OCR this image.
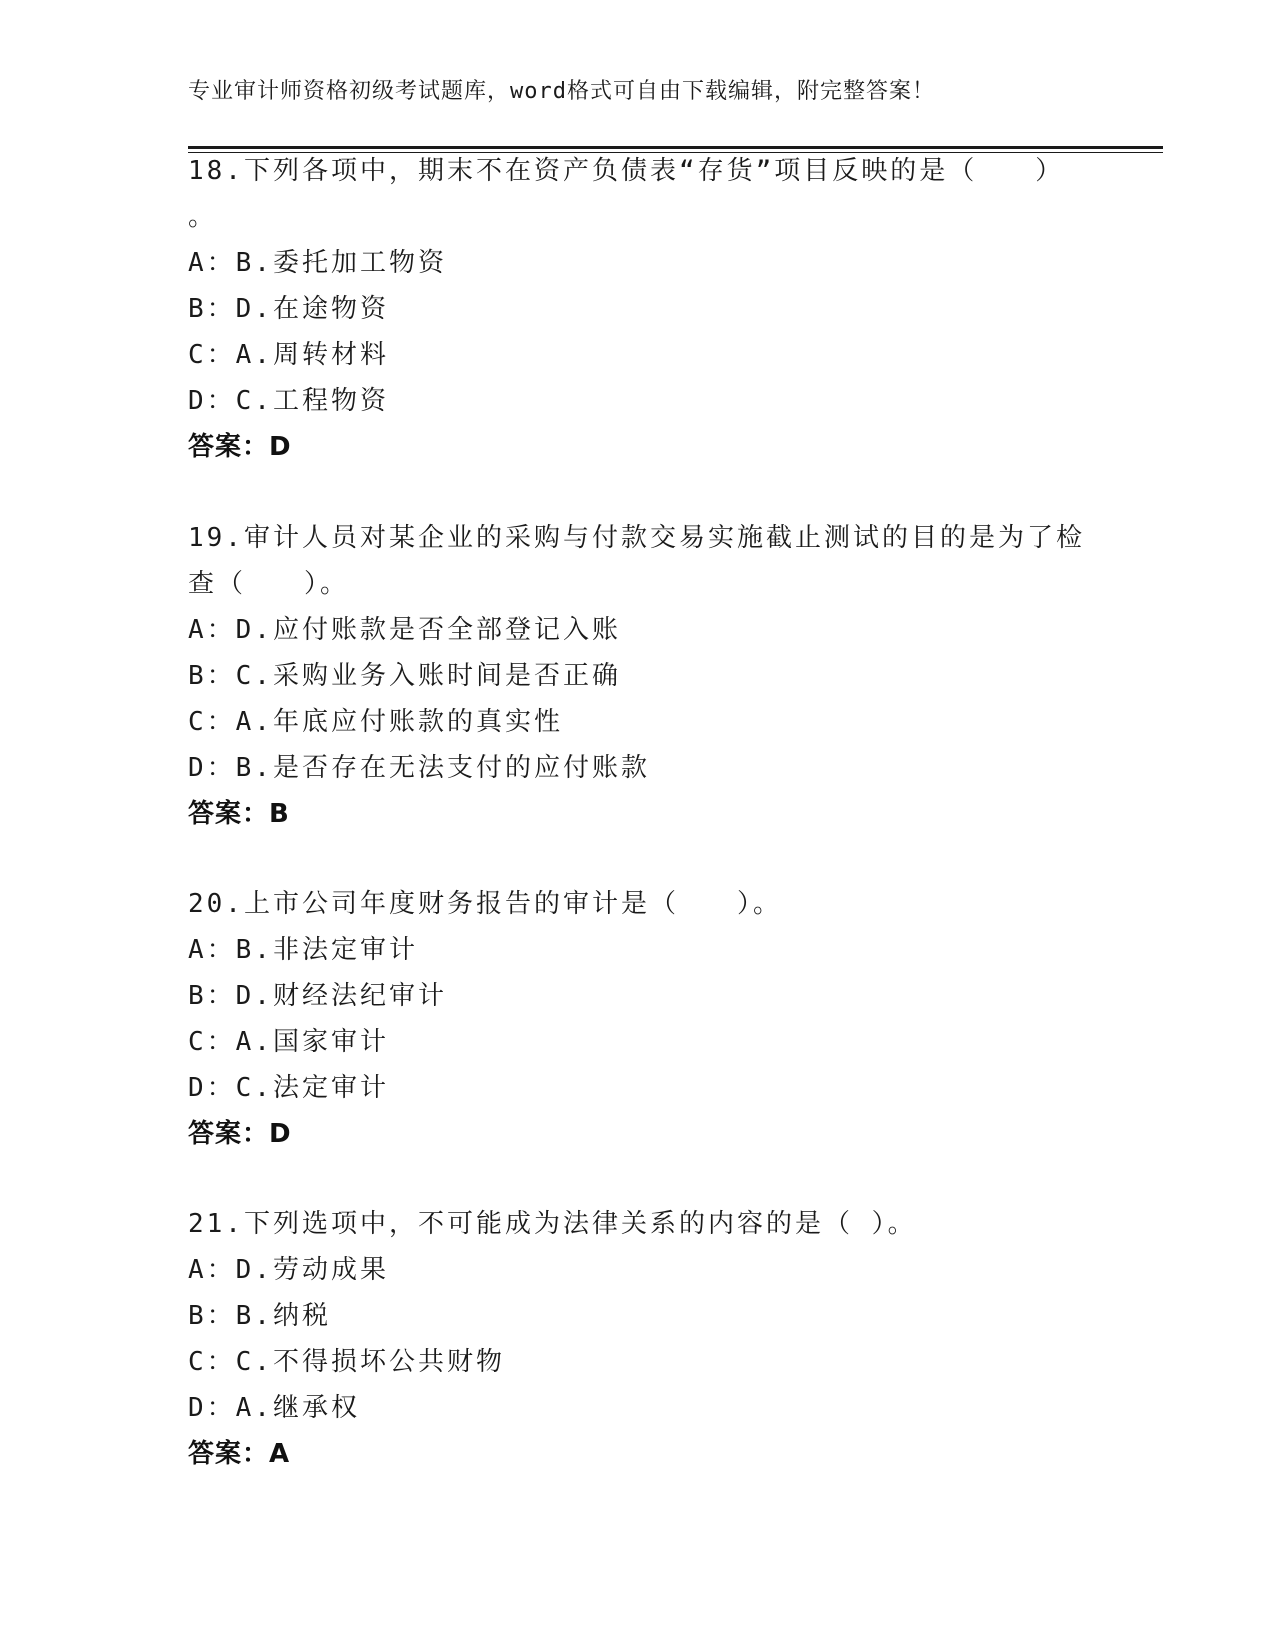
专业审计师资格初级考试题库，word格式可自由下载编辑，附完整答案！
18.下列各项中，期末不在资产负债表“存货”项目反映的是（　　）
。
A：B.委托加工物资
B：D.在途物资
C：A.周转材料
D：C.工程物资
答案：D
19.审计人员对某企业的采购与付款交易实施截止测试的目的是为了检
查（　　）。
A：D.应付账款是否全部登记入账
B：C.采购业务入账时间是否正确
C：A.年底应付账款的真实性
D：B.是否存在无法支付的应付账款
答案：B
20.上市公司年度财务报告的审计是（　　）。
A：B.非法定审计
B：D.财经法纪审计
C：A.国家审计
D：C.法定审计
答案：D
21.下列选项中，不可能成为法律关系的内容的是（ ）。
A：D.劳动成果
B：B.纳税
C：C.不得损坏公共财物
D：A.继承权
答案：A
